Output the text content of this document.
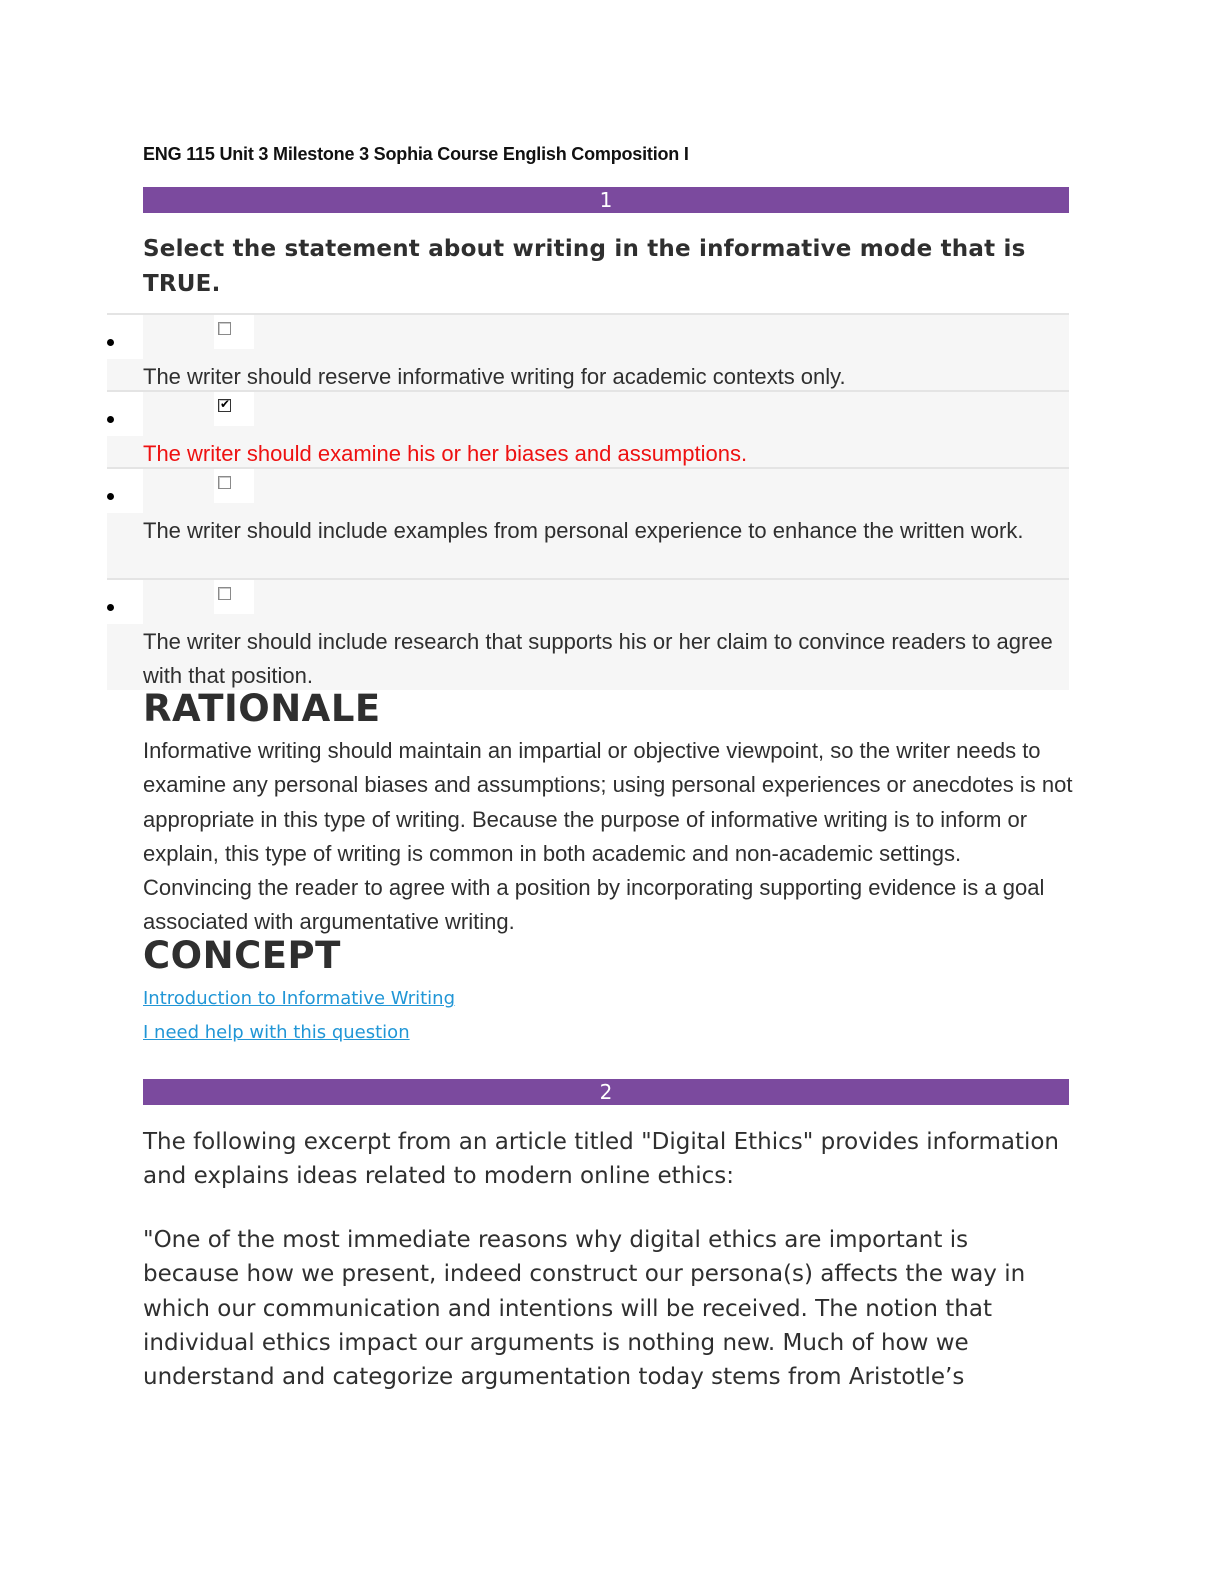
ENG 115 Unit 3 Milestone 3 Sophia Course English Composition I
1
Select the statement about writing in the informative mode that is TRUE.
The writer should reserve informative writing for academic contexts only.
✔
The writer should examine his or her biases and assumptions.
The writer should include examples from personal experience to enhance the written work.
The writer should include research that supports his or her claim to convince readers to agree with that position.
RATIONALE
Informative writing should maintain an impartial or objective viewpoint, so the writer needs to examine any personal biases and assumptions; using personal experiences or anecdotes is not appropriate in this type of writing. Because the purpose of informative writing is to inform or explain, this type of writing is common in both academic and non-academic settings. Convincing the reader to agree with a position by incorporating supporting evidence is a goal associated with argumentative writing.
CONCEPT
Introduction to Informative Writing
I need help with this question
2
The following excerpt from an article titled "Digital Ethics" provides information and explains ideas related to modern online ethics:
"One of the most immediate reasons why digital ethics are important is because how we present, indeed construct our persona(s) affects the way in which our communication and intentions will be received. The notion that individual ethics impact our arguments is nothing new. Much of how we understand and categorize argumentation today stems from Aristotle’s
